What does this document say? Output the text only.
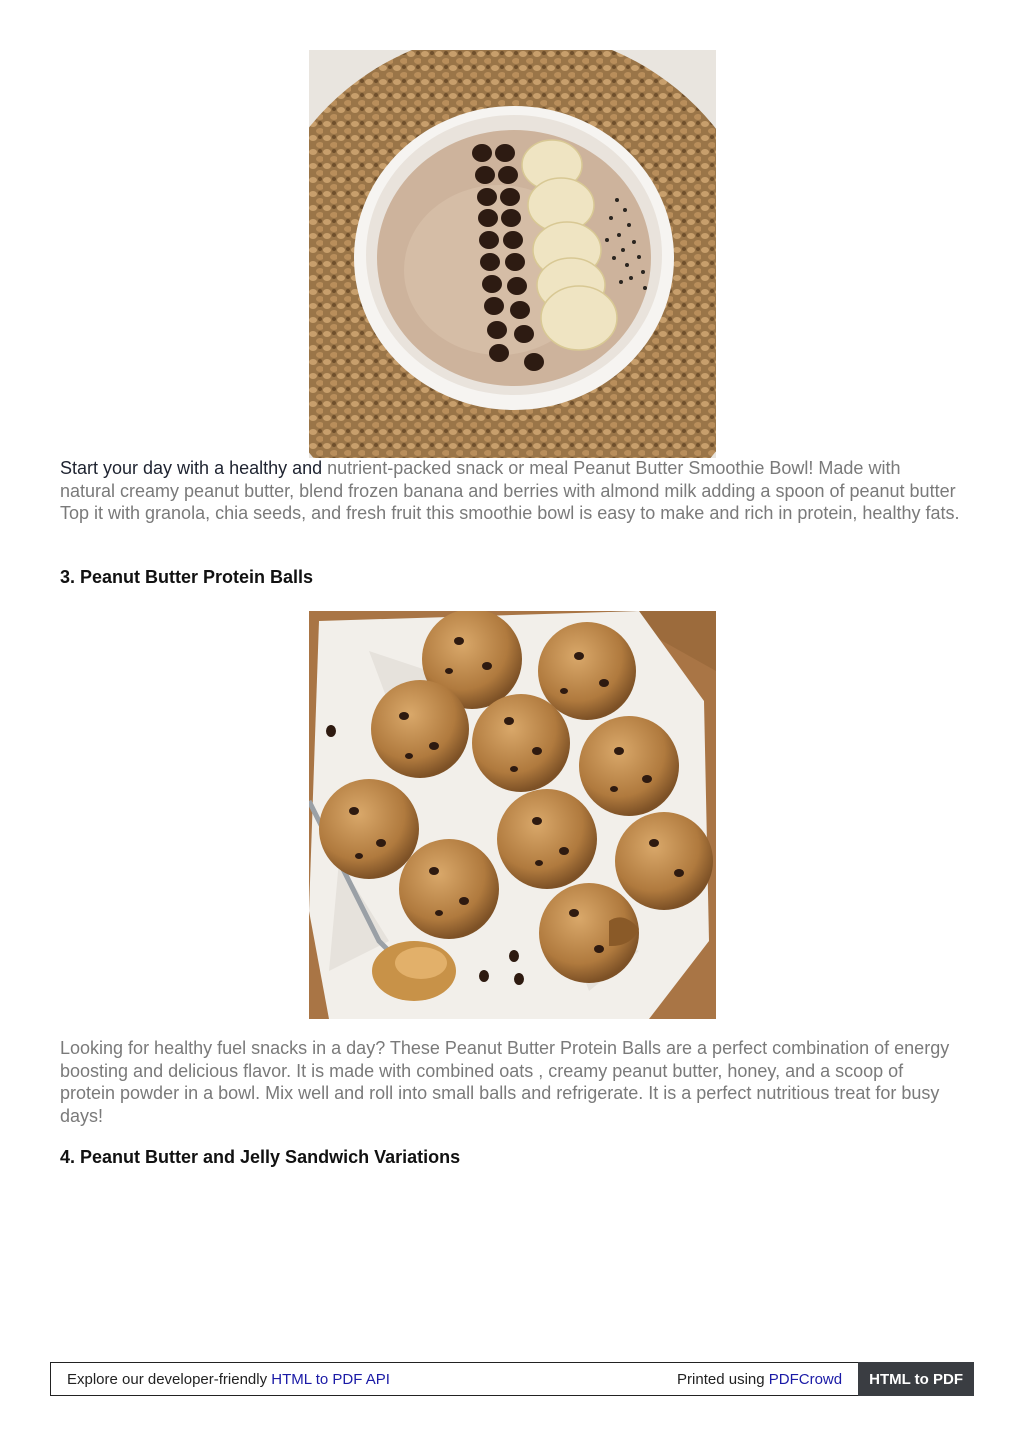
Start your day with a healthy and nutrient-packed snack or meal Peanut Butter Smoothie Bowl! Made with natural creamy peanut butter, blend frozen banana and berries with almond milk adding a spoon of peanut butter Top it with granola, chia seeds, and fresh fruit this smoothie bowl is easy to make and rich in protein, healthy fats.

3. Peanut Butter Protein Balls

Looking for healthy fuel snacks in a day? These Peanut Butter Protein Balls are a perfect combination of energy boosting and delicious flavor. It is made with combined oats , creamy peanut butter, honey, and a scoop of protein powder in a bowl. Mix well and roll into small balls and refrigerate. It is a perfect nutritious treat for busy days!

4. Peanut Butter and Jelly Sandwich Variations
Explore our developer-friendly HTML to PDF API	Printed using PDFCrowd	HTML to PDF
